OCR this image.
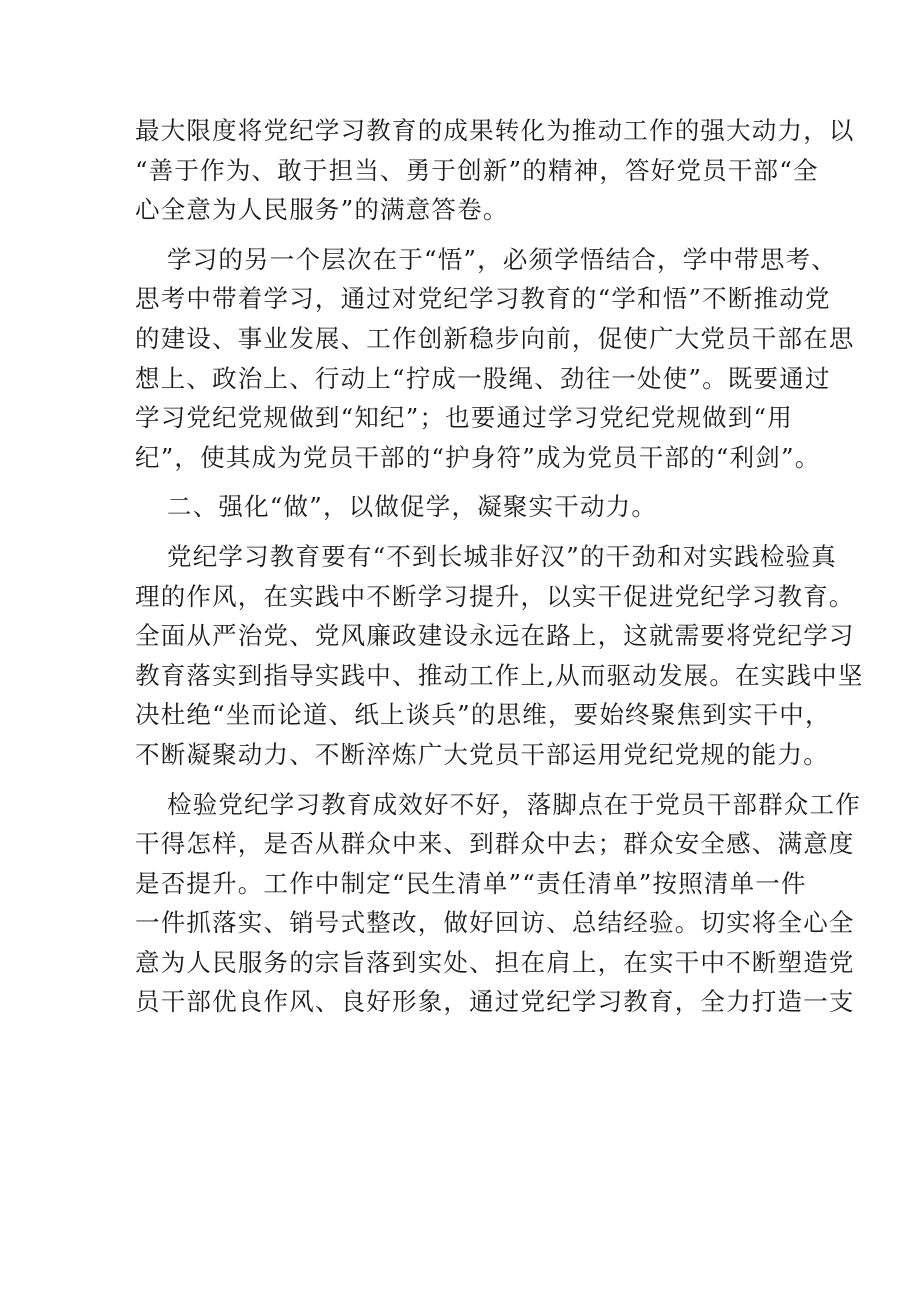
最大限度将党纪学习教育的成果转化为推动工作的强大动力，以
“善于作为、敢于担当、勇于创新”的精神，答好党员干部“全
心全意为人民服务”的满意答卷。
学习的另一个层次在于“悟”，必须学悟结合，学中带思考、
思考中带着学习，通过对党纪学习教育的“学和悟”不断推动党
的建设、事业发展、工作创新稳步向前，促使广大党员干部在思
想上、政治上、行动上“拧成一股绳、劲往一处使”。既要通过
学习党纪党规做到“知纪”；也要通过学习党纪党规做到“用
纪”，使其成为党员干部的“护身符”成为党员干部的“利剑”。
二、强化“做”，以做促学，凝聚实干动力。
党纪学习教育要有“不到长城非好汉”的干劲和对实践检验真
理的作风，在实践中不断学习提升，以实干促进党纪学习教育。
全面从严治党、党风廉政建设永远在路上，这就需要将党纪学习
教育落实到指导实践中、推动工作上,从而驱动发展。在实践中坚
决杜绝“坐而论道、纸上谈兵”的思维，要始终聚焦到实干中，
不断凝聚动力、不断淬炼广大党员干部运用党纪党规的能力。
检验党纪学习教育成效好不好，落脚点在于党员干部群众工作
干得怎样，是否从群众中来、到群众中去；群众安全感、满意度
是否提升。工作中制定“民生清单”“责任清单”按照清单一件
一件抓落实、销号式整改，做好回访、总结经验。切实将全心全
意为人民服务的宗旨落到实处、担在肩上，在实干中不断塑造党
员干部优良作风、良好形象，通过党纪学习教育，全力打造一支
